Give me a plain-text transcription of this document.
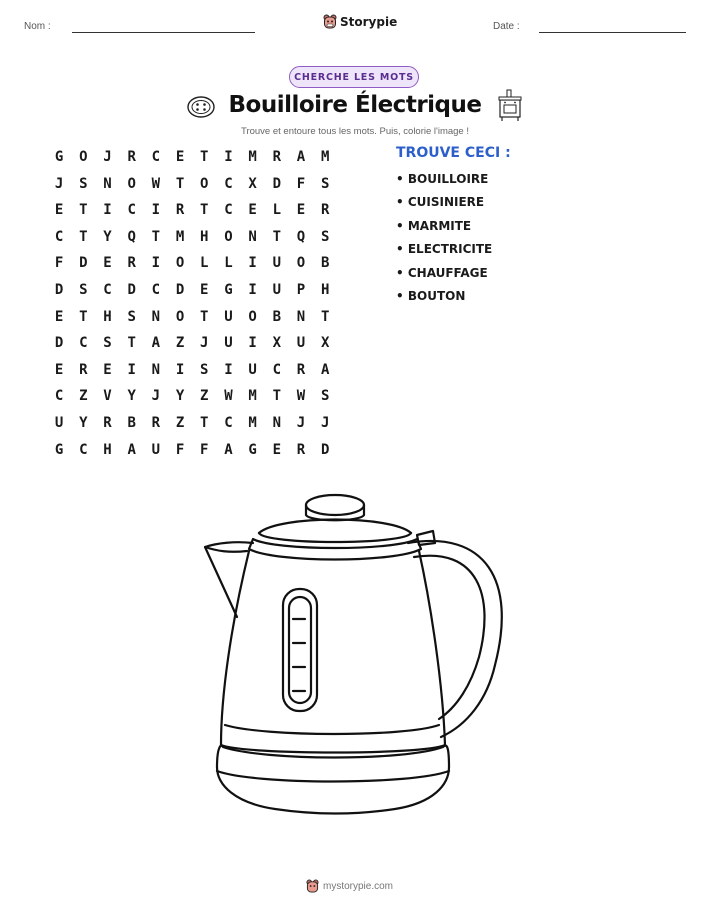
Nom :	Storypie	Date :
CHERCHE LES MOTS
Bouilloire Électrique
Trouve et entoure tous les mots. Puis, colorie l'image !
G	O	J	R	C	E	T	I	M	R	A	M
J	S	N	O	W	T	O	C	X	D	F	S
E	T	I	C	I	R	T	C	E	L	E	R
C	T	Y	Q	T	M	H	O	N	T	Q	S
F	D	E	R	I	O	L	L	I	U	O	B
D	S	C	D	C	D	E	G	I	U	P	H
E	T	H	S	N	O	T	U	O	B	N	T
D	C	S	T	A	Z	J	U	I	X	U	X
E	R	E	I	N	I	S	I	U	C	R	A
C	Z	V	Y	J	Y	Z	W	M	T	W	S
U	Y	R	B	R	Z	T	C	M	N	J	J
G	C	H	A	U	F	F	A	G	E	R	D
TROUVE CECI :
• BOUILLOIRE
• CUISINIERE
• MARMITE
• ELECTRICITE
• CHAUFFAGE
• BOUTON
mystorypie.com
